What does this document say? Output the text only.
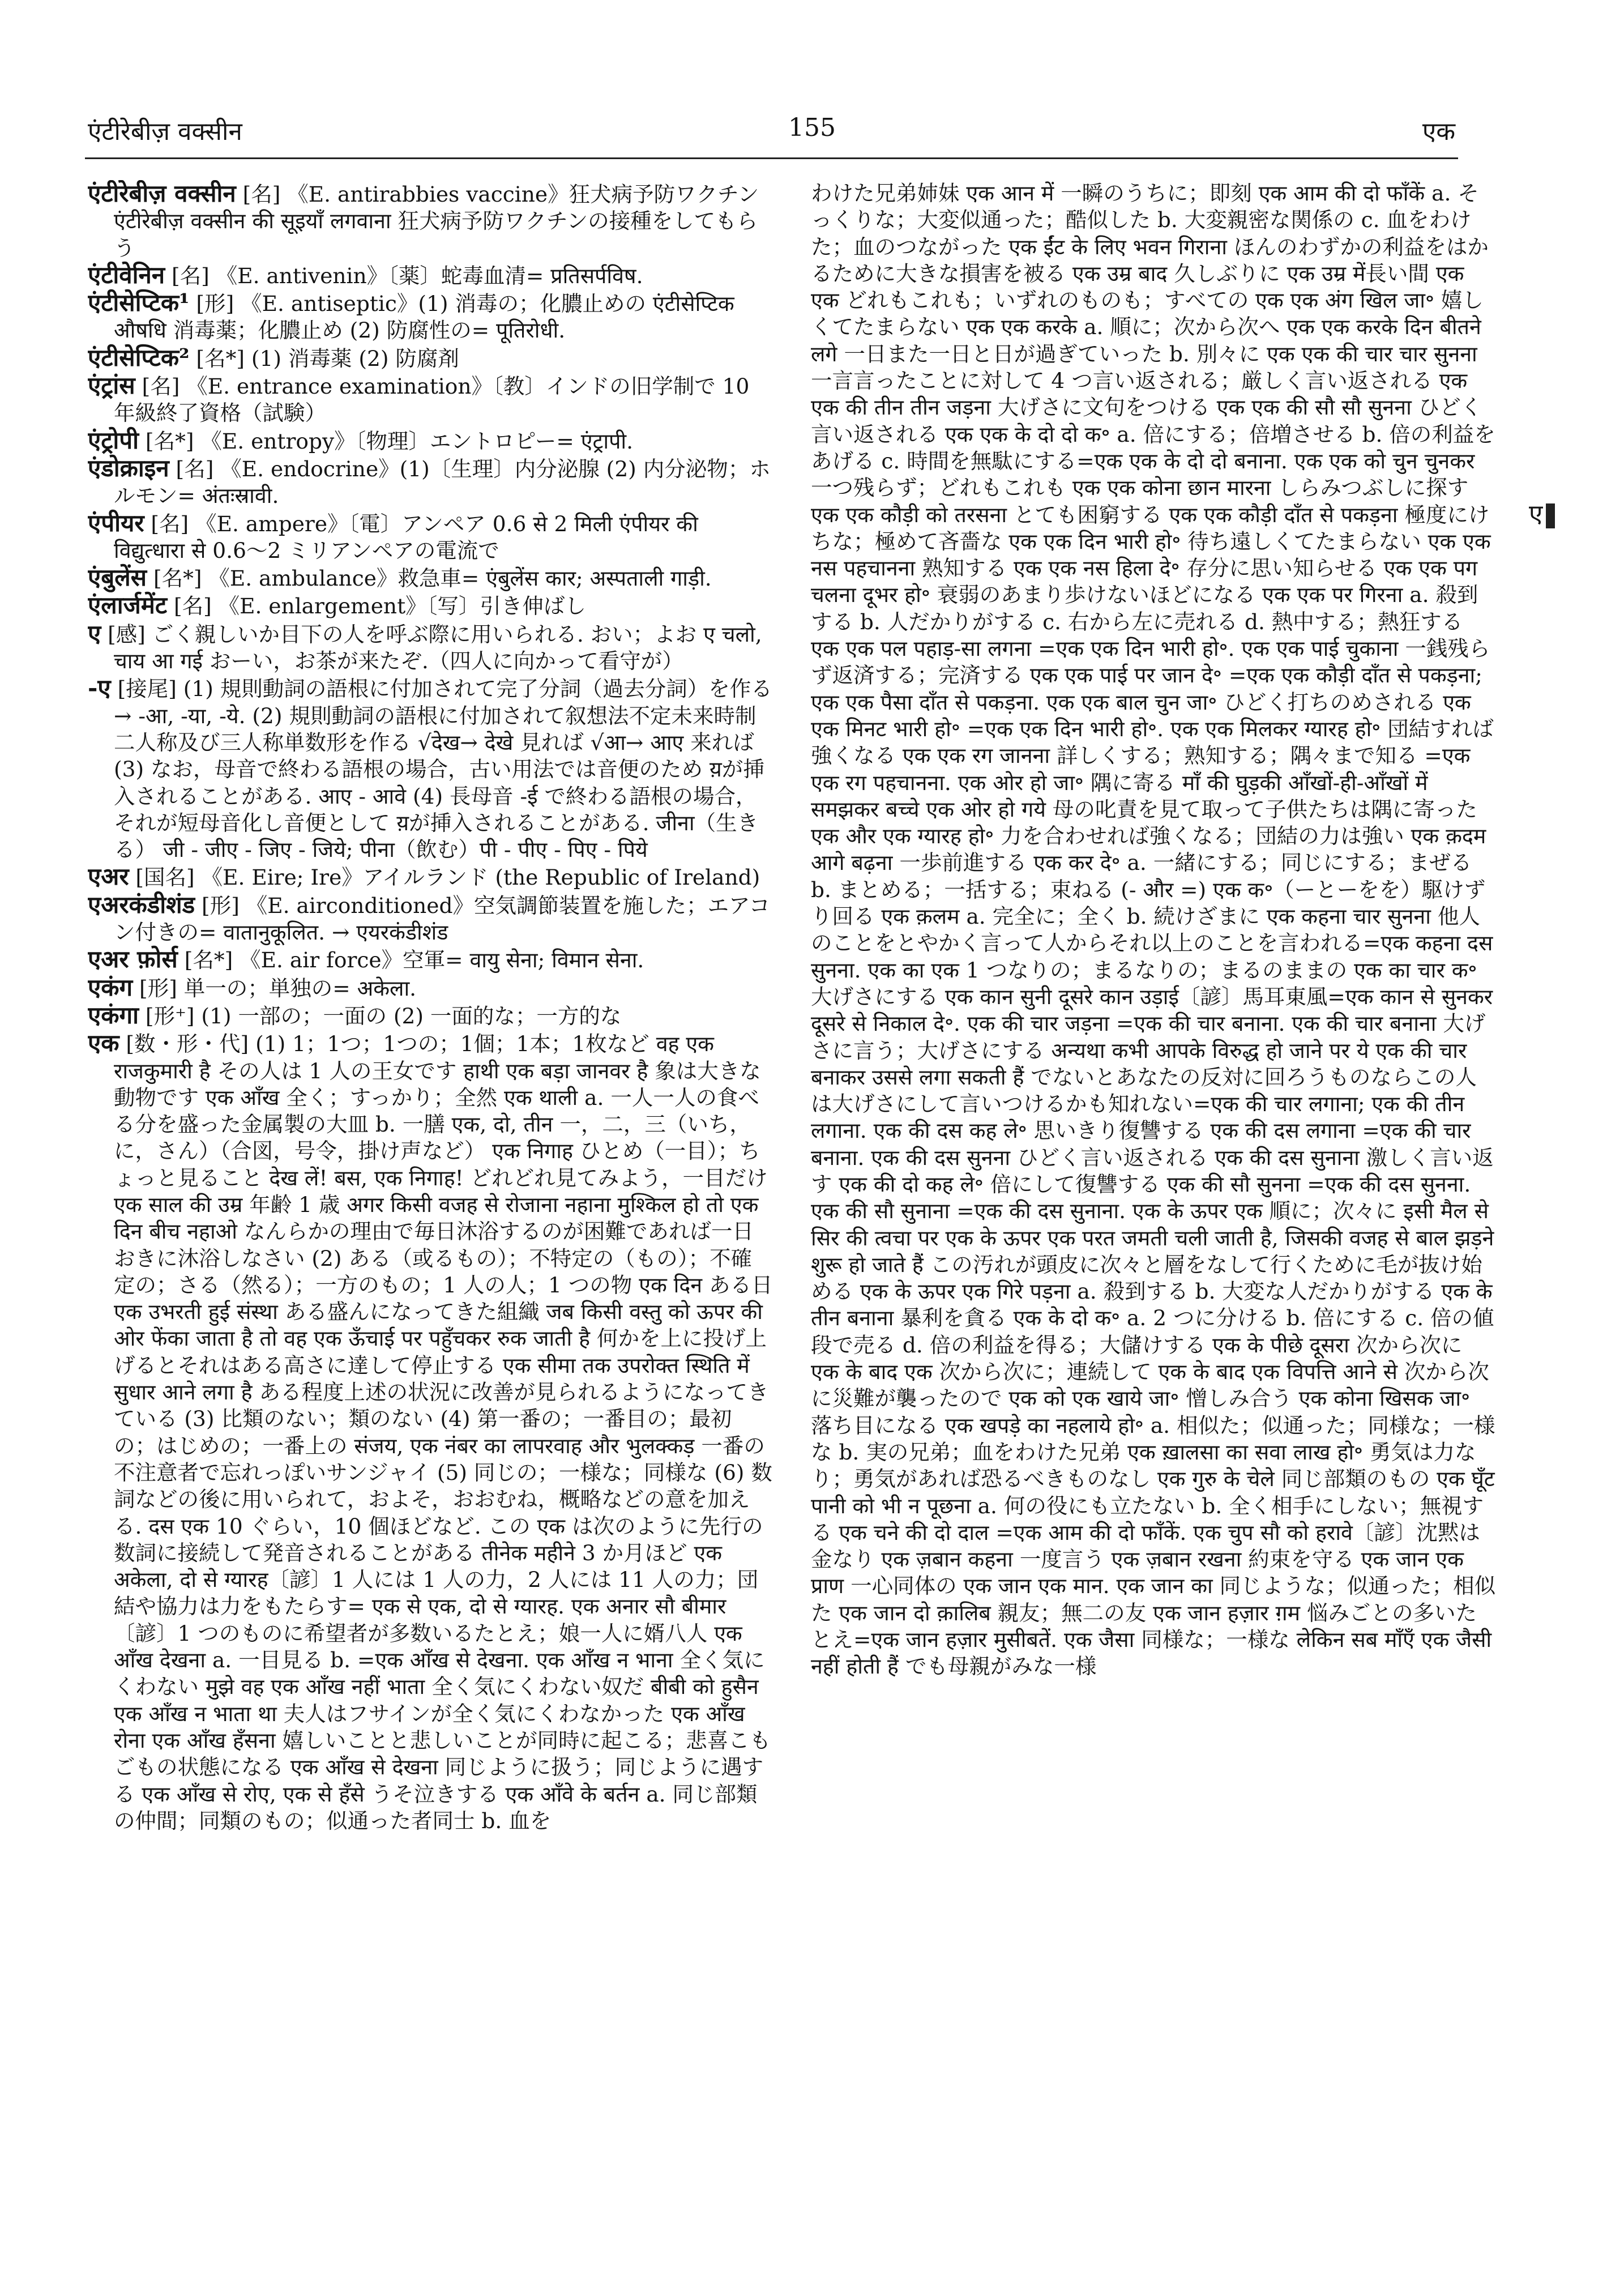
एंटीरेबीज़ वक्सीन	155	एक

एंटीरेबीज़ वक्सीन [名] 《E. antirabbies vaccine》狂犬病予防ワクチン एंटीरेबीज़ वक्सीन की सूइयाँ लगवाना 狂犬病予防ワクチンの接種をしてもらう

एंटीवेनिन [名] 《E. antivenin》〔薬〕蛇毒血清= प्रतिसर्पविष.

एंटीसेप्टिक¹ [形] 《E. antiseptic》(1) 消毒の；化膿止めの एंटीसेप्टिक औषधि 消毒薬；化膿止め (2) 防腐性の= पूतिरोधी.

एंटीसेप्टिक² [名*] (1) 消毒薬 (2) 防腐剤

एंट्रांस [名] 《E. entrance examination》〔教〕インドの旧学制で 10 年級終了資格（試験）

एंट्रोपी [名*] 《E. entropy》〔物理〕エントロピー= एंट्रापी.

एंडोक्राइन [名] 《E. endocrine》(1)〔生理〕内分泌腺 (2) 内分泌物；ホルモン= अंतःस्रावी.

एंपीयर [名] 《E. ampere》〔電〕アンペア 0.6 से 2 मिली एंपीयर की विद्युत्धारा से 0.6〜2 ミリアンペアの電流で

एंबुलेंस [名*] 《E. ambulance》救急車= एंबुलेंस कार; अस्पताली गाड़ी.

एंलार्जमेंट [名] 《E. enlargement》〔写〕引き伸ばし

ए [感] ごく親しいか目下の人を呼ぶ際に用いられる. おい；よお ए चलो, चाय आ गई おーい，お茶が来たぞ.（四人に向かって看守が）

-ए [接尾] (1) 規則動詞の語根に付加されて完了分詞（過去分詞）を作る→ -आ, -या, -ये. (2) 規則動詞の語根に付加されて叙想法不定未来時制二人称及び三人称単数形を作る √देख→ देखे 見れば √आ→ आए 来れば (3) なお，母音で終わる語根の場合，古い用法では音便のため य़が挿入されることがある. आए - आवे (4) 長母音 -ई で終わる語根の場合，それが短母音化し音便として य़が挿入されることがある. जीना（生きる） जी - जीए - जिए - जिये; पीना（飲む）पी - पीए - पिए - पिये

एअर [国名] 《E. Eire; Ire》アイルランド (the Republic of Ireland)

एअरकंडीशंड [形] 《E. airconditioned》空気調節装置を施した；エアコン付きの= वातानुकूलित. → एयरकंडीशंड

एअर फ़ोर्स [名*] 《E. air force》空軍= वायु सेना; विमान सेना.

एकंग [形] 単一の；単独の= अकेला.

एकंगा [形⁺] (1) 一部の；一面の (2) 一面的な；一方的な

एक [数・形・代] (1) 1；1つ；1つの；1個；1本；1枚など वह एक राजकुमारी है その人は 1 人の王女です हाथी एक बड़ा जानवर है 象は大きな動物です एक आँख 全く；すっかり；全然 एक थाली a. 一人一人の食べる分を盛った金属製の大皿 b. 一膳 एक, दो, तीन 一，二，三（いち，に，さん）（合図，号令，掛け声など） एक निगाह ひとめ（一目）；ちょっと見ること देख लें! बस, एक निगाह! どれどれ見てみよう，一目だけ एक साल की उम्र 年齢 1 歳 अगर किसी वजह से रोजाना नहाना मुश्किल हो तो एक दिन बीच नहाओ なんらかの理由で毎日沐浴するのが困難であれば一日おきに沐浴しなさい (2) ある（或るもの）；不特定の（もの）；不確定の；さる（然る）；一方のもの；1 人の人；1 つの物 एक दिन ある日 एक उभरती हुई संस्था ある盛んになってきた組織 जब किसी वस्तु को ऊपर की ओर फेंका जाता है तो वह एक ऊँचाई पर पहुँचकर रुक जाती है 何かを上に投げ上げるとそれはある高さに達して停止する एक सीमा तक उपरोक्त स्थिति में सुधार आने लगा है ある程度上述の状況に改善が見られるようになってきている (3) 比類のない；類のない (4) 第一番の；一番目の；最初の；はじめの；一番上の संजय, एक नंबर का लापरवाह और भुलक्कड़ 一番の不注意者で忘れっぽいサンジャイ (5) 同じの；一様な；同様な (6) 数詞などの後に用いられて，およそ，おおむね，概略などの意を加える. दस एक 10 ぐらい，10 個ほどなど. この एक は次のように先行の数詞に接続して発音されることがある तीनेक महीने 3 か月ほど एक अकेला, दो से ग्यारह〔諺〕1 人には 1 人の力，2 人には 11 人の力；団結や協力は力をもたらす= एक से एक, दो से ग्यारह. एक अनार सौ बीमार〔諺〕1 つのものに希望者が多数いるたとえ；娘一人に婿八人 एक आँख देखना a. 一目見る b. =एक आँख से देखना. एक आँख न भाना 全く気にくわない मुझे वह एक आँख नहीं भाता 全く気にくわない奴だ बीबी को हुसैन एक आँख न भाता था 夫人はフサインが全く気にくわなかった एक आँख रोना एक आँख हँसना 嬉しいことと悲しいことが同時に起こる；悲喜こもごもの状態になる एक आँख से देखना 同じように扱う；同じように遇する एक आँख से रोए, एक से हँसे うそ泣きする एक आँवे के बर्तन a. 同じ部類の仲間；同類のもの；似通った者同士 b. 血を

わけた兄弟姉妹 एक आन में 一瞬のうちに；即刻 एक आम की दो फाँकें a. そっくりな；大変似通った；酷似した b. 大変親密な関係の c. 血をわけた；血のつながった एक ईंट के लिए भवन गिराना ほんのわずかの利益をはかるために大きな損害を被る एक उम्र बाद 久しぶりに एक उम्र में長い間 एक एक どれもこれも；いずれのものも；すべての एक एक अंग खिल जा॰ 嬉しくてたまらない एक एक करके a. 順に；次から次へ एक एक करके दिन बीतने लगे 一日また一日と日が過ぎていった b. 別々に एक एक की चार चार सुनना 一言言ったことに対して 4 つ言い返される；厳しく言い返される एक एक की तीन तीन जड़ना 大げさに文句をつける एक एक की सौ सौ सुनना ひどく言い返される एक एक के दो दो क॰ a. 倍にする；倍増させる b. 倍の利益をあげる c. 時間を無駄にする=एक एक के दो दो बनाना. एक एक को चुन चुनकर 一つ残らず；どれもこれも एक एक कोना छान मारना しらみつぶしに探す एक एक कौड़ी को तरसना とても困窮する एक एक कौड़ी दाँत से पकड़ना 極度にけちな；極めて吝嗇な एक एक दिन भारी हो॰ 待ち遠しくてたまらない एक एक नस पहचानना 熟知する एक एक नस हिला दे॰ 存分に思い知らせる एक एक पग चलना दूभर हो॰ 衰弱のあまり歩けないほどになる एक एक पर गिरना a. 殺到する b. 人だかりがする c. 右から左に売れる d. 熱中する；熱狂する एक एक पल पहाड़-सा लगना =एक एक दिन भारी हो॰. एक एक पाई चुकाना 一銭残らず返済する；完済する एक एक पाई पर जान दे॰ =एक एक कौड़ी दाँत से पकड़ना; एक एक पैसा दाँत से पकड़ना. एक एक बाल चुन जा॰ ひどく打ちのめされる एक एक मिनट भारी हो॰ =एक एक दिन भारी हो॰. एक एक मिलकर ग्यारह हो॰ 団結すれば強くなる एक एक रग जानना 詳しくする；熟知する；隅々まで知る =एक एक रग पहचानना. एक ओर हो जा॰ 隅に寄る माँ की घुड़की आँखों-ही-आँखों में समझकर बच्चे एक ओर हो गये 母の叱責を見て取って子供たちは隅に寄った एक और एक ग्यारह हो॰ 力を合わせれば強くなる；団結の力は強い एक क़दम आगे बढ़ना 一歩前進する एक कर दे॰ a. 一緒にする；同じにする；まぜる b. まとめる；一括する；束ねる (- और =) एक क॰（ーとーをを）駆けずり回る एक क़लम a. 完全に；全く b. 続けざまに एक कहना चार सुनना 他人のことをとやかく言って人からそれ以上のことを言われる=एक कहना दस सुनना. एक का एक 1 つなりの；まるなりの；まるのままの एक का चार क॰ 大げさにする एक कान सुनी दूसरे कान उड़ाई〔諺〕馬耳東風=एक कान से सुनकर दूसरे से निकाल दे॰. एक की चार जड़ना =एक की चार बनाना. एक की चार बनाना 大げさに言う；大げさにする अन्यथा कभी आपके विरुद्ध हो जाने पर ये एक की चार बनाकर उससे लगा सकती हैं でないとあなたの反対に回ろうものならこの人は大げさにして言いつけるかも知れない=एक की चार लगाना; एक की तीन लगाना. एक की दस कह ले॰ 思いきり復讐する एक की दस लगाना =एक की चार बनाना. एक की दस सुनना ひどく言い返される एक की दस सुनाना 激しく言い返す एक की दो कह ले॰ 倍にして復讐する एक की सौ सुनना =एक की दस सुनना. एक की सौ सुनाना =एक की दस सुनाना. एक के ऊपर एक 順に；次々に इसी मैल से सिर की त्वचा पर एक के ऊपर एक परत जमती चली जाती है, जिसकी वजह से बाल झड़ने शुरू हो जाते हैं この汚れが頭皮に次々と層をなして行くために毛が抜け始める एक के ऊपर एक गिरे पड़ना a. 殺到する b. 大変な人だかりがする एक के तीन बनाना 暴利を貪る एक के दो क॰ a. 2 つに分ける b. 倍にする c. 倍の値段で売る d. 倍の利益を得る；大儲けする एक के पीछे दूसरा 次から次に एक के बाद एक 次から次に；連続して एक के बाद एक विपत्ति आने से 次から次に災難が襲ったので एक को एक खाये जा॰ 憎しみ合う एक कोना खिसक जा॰ 落ち目になる एक खपड़े का नहलाये हो॰ a. 相似た；似通った；同様な；一様な b. 実の兄弟；血をわけた兄弟 एक ख़ालसा का सवा लाख हो॰ 勇気は力なり；勇気があれば恐るべきものなし एक गुरु के चेले 同じ部類のもの एक घूँट पानी को भी न पूछना a. 何の役にも立たない b. 全く相手にしない；無視する एक चने की दो दाल =एक आम की दो फाँकें. एक चुप सौ को हरावे〔諺〕沈黙は金なり एक ज़बान कहना 一度言う एक ज़बान रखना 約束を守る एक जान एक प्राण 一心同体の एक जान एक मान. एक जान का 同じような；似通った；相似た एक जान दो क़ालिब 親友；無二の友 एक जान हज़ार ग़म 悩みごとの多いたとえ=एक जान हज़ार मुसीबतें. एक जैसा 同様な；一様な लेकिन सब माँएँ एक जैसी नहीं होती हैं でも母親がみな一様

ए
